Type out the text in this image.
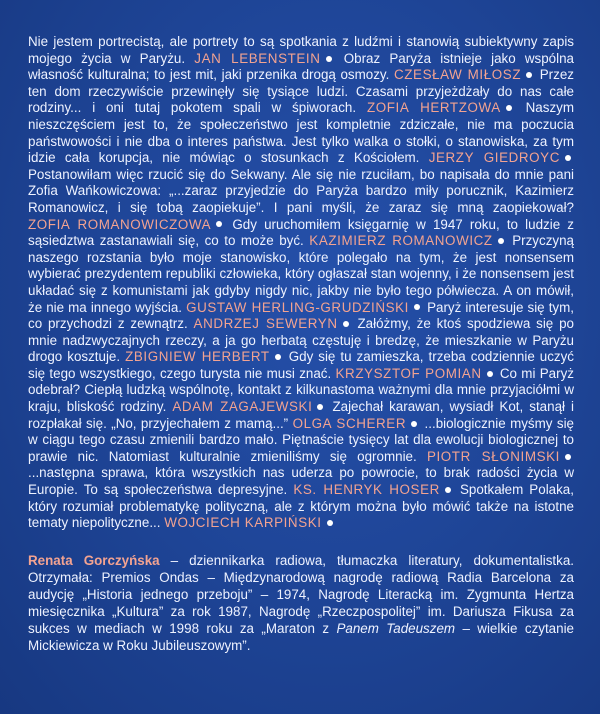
Nie jestem portrecistą, ale portrety to są spotkania z ludźmi i stanowią subiektywny zapis mojego życia w Paryżu. JAN LEBENSTEIN Obraz Paryża istnieje jako wspólna własność kulturalna; to jest mit, jaki przenika drogą osmozy. CZESŁAW MIŁOSZ Przez ten dom rzeczywiście przewinęły się tysiące ludzi. Czasami przyjeżdżały do nas całe rodziny... i oni tutaj pokotem spali w śpiworach. ZOFIA HERTZOWA Naszym nieszczęściem jest to, że społeczeństwo jest kompletnie zdziczałe, nie ma poczucia państwowości i nie dba o interes państwa. Jest tylko walka o stołki, o stanowiska, za tym idzie cała korupcja, nie mówiąc o stosunkach z Kościołem. JERZY GIEDROYC Postanowiłam więc rzucić się do Sekwany. Ale się nie rzuciłam, bo napisała do mnie pani Zofia Wańkowiczowa: „...zaraz przyjedzie do Paryża bardzo miły porucznik, Kazimierz Romanowicz, i się tobą zaopiekuje”. I pani myśli, że zaraz się mną zaopiekował? ZOFIA ROMANOWICZOWA Gdy uruchomiłem księgarnię w 1947 roku, to ludzie z sąsiedztwa zastanawiali się, co to może być. KAZIMIERZ ROMANOWICZ Przyczyną naszego rozstania było moje stanowisko, które polegało na tym, że jest nonsensem wybierać prezydentem republiki człowieka, który ogłaszał stan wojenny, i że nonsensem jest układać się z komunistami jak gdyby nigdy nic, jakby nie było tego półwiecza. A on mówił, że nie ma innego wyjścia. GUSTAW HERLING-GRUDZIŃSKI Paryż interesuje się tym, co przychodzi z zewnątrz. ANDRZEJ SEWERYN Załóżmy, że ktoś spodziewa się po mnie nadzwyczajnych rzeczy, a ja go herbatą częstuję i bredzę, że mieszkanie w Paryżu drogo kosztuje. ZBIGNIEW HERBERT Gdy się tu zamieszka, trzeba codziennie uczyć się tego wszystkiego, czego turysta nie musi znać. KRZYSZTOF POMIAN Co mi Paryż odebrał? Ciepłą ludzką wspólnotę, kontakt z kilkunastoma ważnymi dla mnie przyjaciółmi w kraju, bliskość rodziny. ADAM ZAGAJEWSKI Zajechał karawan, wysiadł Kot, stanął i rozpłakał się. „No, przyjechałem z mamą...” OLGA SCHERER ...biologicznie myśmy się w ciągu tego czasu zmienili bardzo mało. Piętnaście tysięcy lat dla ewolucji biologicznej to prawie nic. Natomiast kulturalnie zmieniliśmy się ogromnie. PIOTR SŁONIMSKI ...następna sprawa, która wszystkich nas uderza po powrocie, to brak radości życia w Europie. To są społeczeństwa depresyjne. KS. HENRYK HOSER Spotkałem Polaka, który rozumiał problematykę polityczną, ale z którym można było mówić także na istotne tematy niepolityczne... WOJCIECH KARPIŃSKI

Renata Gorczyńska – dziennikarka radiowa, tłumaczka literatury, dokumentalistka. Otrzymała: Premios Ondas – Międzynarodową nagrodę radiową Radia Barcelona za audycję „Historia jednego przeboju” – 1974, Nagrodę Literacką im. Zygmunta Hertza miesięcznika „Kultura” za rok 1987, Nagrodę „Rzeczpospolitej” im. Dariusza Fikusa za sukces w mediach w 1998 roku za „Maraton z Panem Tadeuszem – wielkie czytanie Mickiewicza w Roku Jubileuszowym”.
